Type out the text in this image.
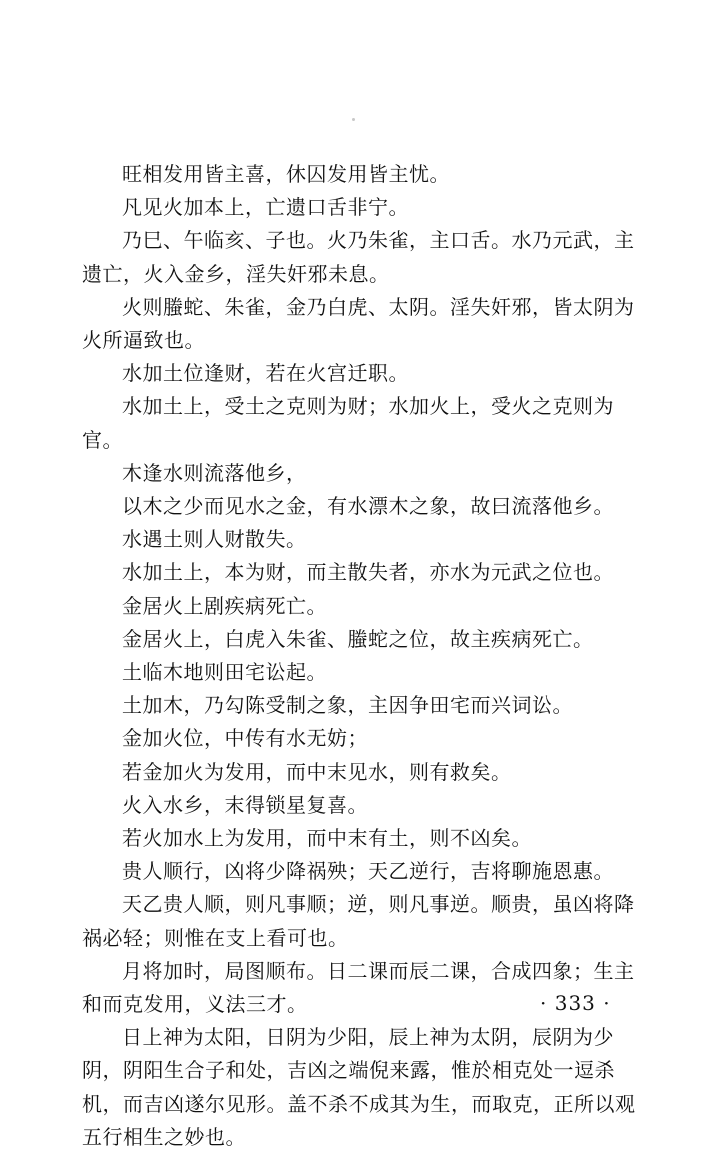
旺相发用皆主喜，休囚发用皆主忧。

凡见火加本上，亡遗口舌非宁。

乃巳、午临亥、子也。火乃朱雀，主口舌。水乃元武，主遗亡，火入金乡，淫失奸邪未息。

火则螣蛇、朱雀，金乃白虎、太阴。淫失奸邪，皆太阴为火所逼致也。

水加土位逢财，若在火宫迁职。

水加土上，受土之克则为财；水加火上，受火之克则为官。

木逢水则流落他乡，

以木之少而见水之金，有水漂木之象，故曰流落他乡。

水遇土则人财散失。

水加土上，本为财，而主散失者，亦水为元武之位也。

金居火上剧疾病死亡。

金居火上，白虎入朱雀、螣蛇之位，故主疾病死亡。

土临木地则田宅讼起。

土加木，乃勾陈受制之象，主因争田宅而兴词讼。

金加火位，中传有水无妨；

若金加火为发用，而中末见水，则有救矣。

火入水乡，末得锁星复喜。

若火加水上为发用，而中末有土，则不凶矣。

贵人顺行，凶将少降祸殃；天乙逆行，吉将聊施恩惠。

天乙贵人顺，则凡事顺；逆，则凡事逆。顺贵，虽凶将降祸必轻；则惟在支上看可也。

月将加时，局图顺布。日二课而辰二课，合成四象；生主和而克发用，义法三才。

日上神为太阳，日阴为少阳，辰上神为太阴，辰阴为少阴，阴阳生合子和处，吉凶之端倪来露，惟於相克处一逗杀机，而吉凶遂尔见形。盖不杀不成其为生，而取克，正所以观五行相生之妙也。

· 333 ·
